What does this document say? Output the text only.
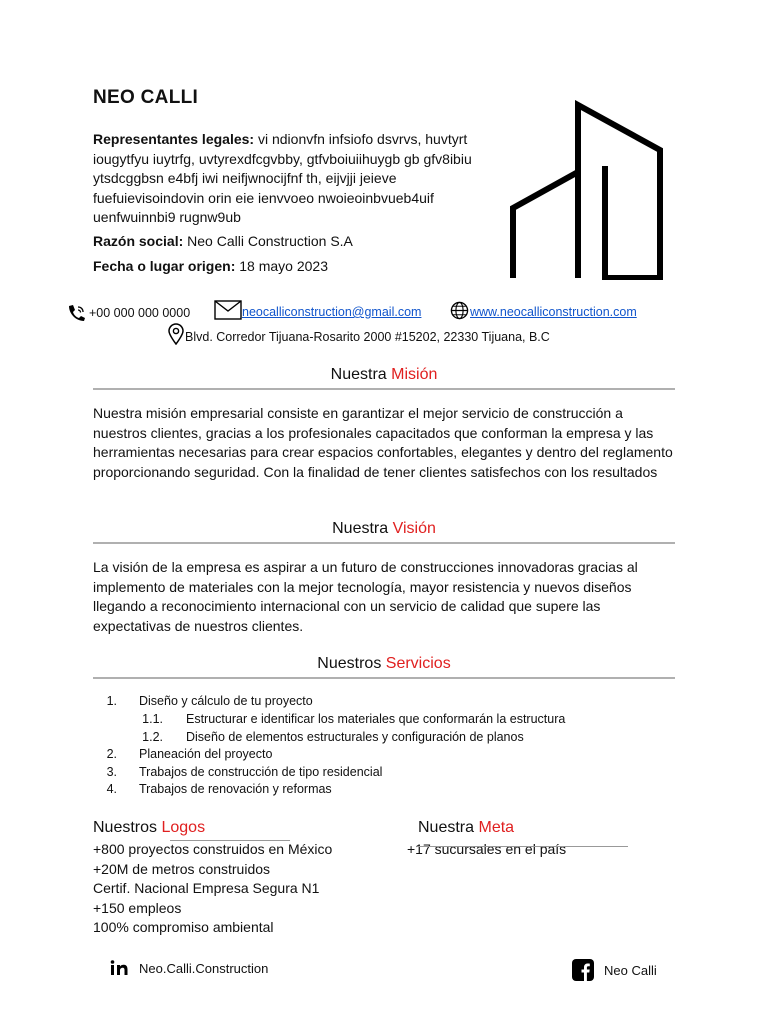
NEO CALLI
Representantes legales: vi ndionvfn infsiofo dsvrvs, huvtyrt iougytfyu iuytrfg, uvtyrexdfcgvbby, gtfvboiuiihuygb gb gfv8ibiu ytsdcggbsn e4bfj iwi neifjwnocijfnf th, eijvjji jeieve fuefuievisoindovin orin eie ienvvoeo nwoieoinbvueb4uif uenfwuinnbi9 rugnw9ub
Razón social: Neo Calli Construction S.A
Fecha o lugar origen: 18 mayo 2023
+00 000 000 0000	neocalliconstruction@gmail.com	www.neocalliconstruction.com
Blvd. Corredor Tijuana-Rosarito 2000 #15202, 22330 Tijuana, B.C
Nuestra Misión
Nuestra misión empresarial consiste en garantizar el mejor servicio de construcción a nuestros clientes, gracias a los profesionales capacitados que conforman la empresa y las herramientas necesarias para crear espacios confortables, elegantes y dentro del reglamento proporcionando seguridad. Con la finalidad de tener clientes satisfechos con los resultados
Nuestra Visión
La visión de la empresa es aspirar a un futuro de construcciones innovadoras gracias al implemento de materiales con la mejor tecnología, mayor resistencia y nuevos diseños llegando a reconocimiento internacional con un servicio de calidad que supere las expectativas de nuestros clientes.
Nuestros Servicios
1. Diseño y cálculo de tu proyecto
1.1. Estructurar e identificar los materiales que conformarán la estructura
1.2. Diseño de elementos estructurales y configuración de planos
2. Planeación del proyecto
3. Trabajos de construcción de tipo residencial
4. Trabajos de renovación y reformas
Nuestros Logos
+800 proyectos construidos en México
+20M de metros construidos
Certif. Nacional Empresa Segura N1
+150 empleos
100% compromiso ambiental
Nuestra Meta
+17 sucursales en el país
Neo.Calli.Construction	Neo Calli
